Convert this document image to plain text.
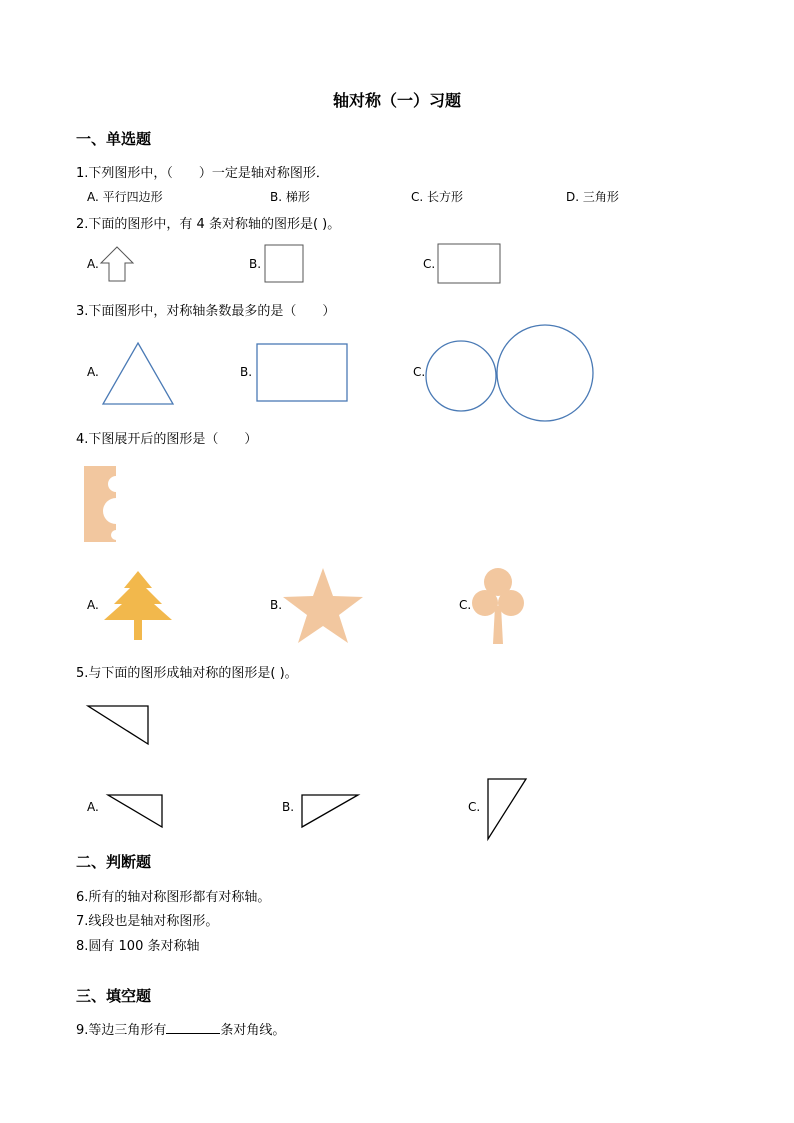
轴对称（一）习题
一、单选题
1.下列图形中，（　　）一定是轴对称图形．
A. 平行四边形	B. 梯形	C. 长方形	D. 三角形
2.下面的图形中，有 4 条对称轴的图形是( )。
A.	B.	C.
3.下面图形中，对称轴条数最多的是（　　）
A.	B.	C.
4.下图展开后的图形是（　　）
A.	B.	C.
5.与下面的图形成轴对称的图形是( )。
A.	B.	C.
二、判断题
6.所有的轴对称图形都有对称轴。
7.线段也是轴对称图形。
8.圆有 100 条对称轴
三、填空题
9.等边三角形有	条对角线。
